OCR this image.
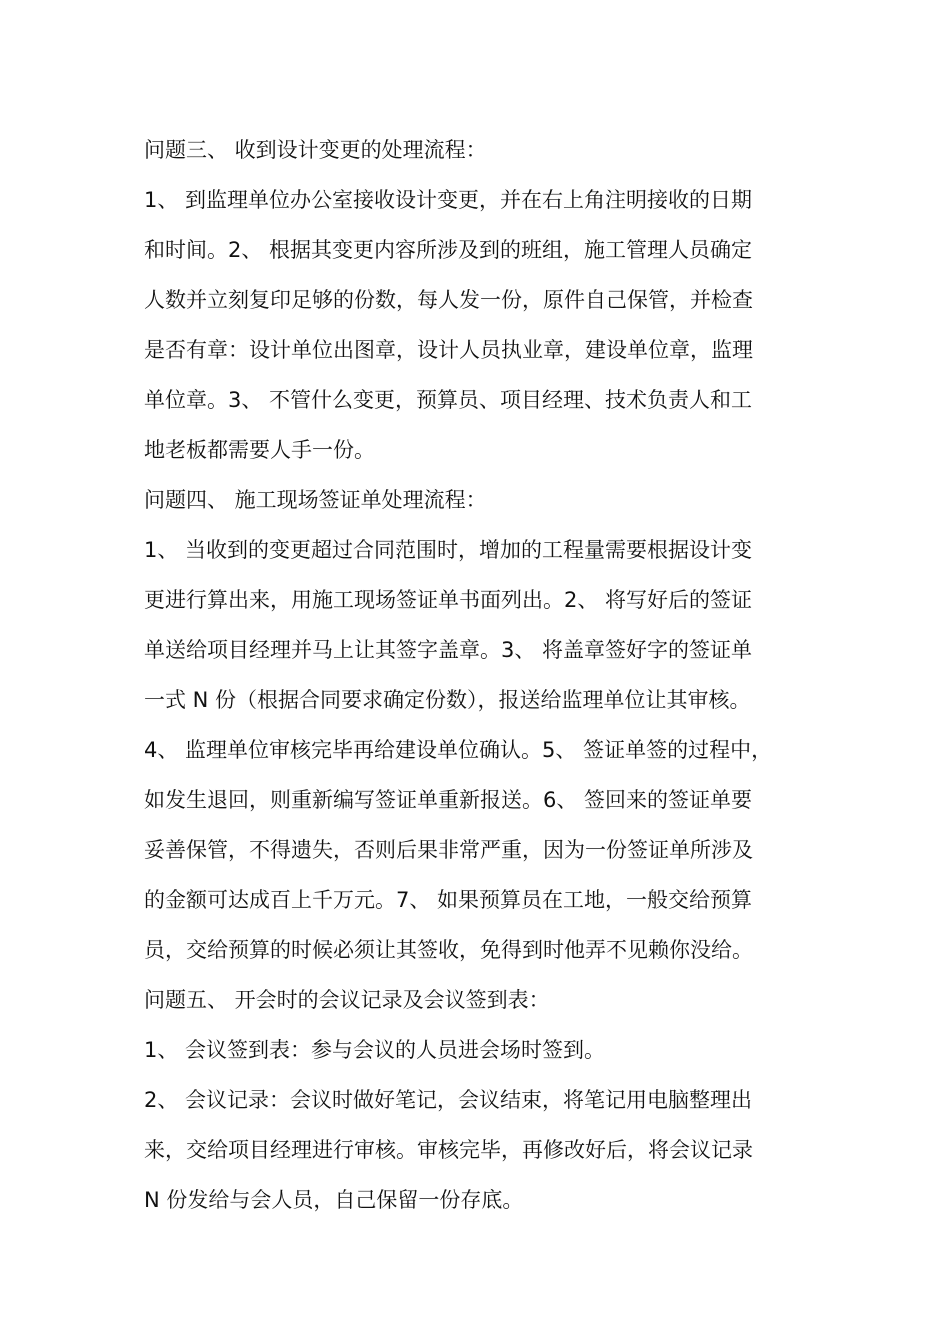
问题三、 收到设计变更的处理流程：
1、 到监理单位办公室接收设计变更，并在右上角注明接收的日期
和时间。2、 根据其变更内容所涉及到的班组，施工管理人员确定
人数并立刻复印足够的份数，每人发一份，原件自己保管，并检查
是否有章：设计单位出图章，设计人员执业章，建设单位章，监理
单位章。3、 不管什么变更，预算员、项目经理、技术负责人和工
地老板都需要人手一份。
问题四、 施工现场签证单处理流程：
1、 当收到的变更超过合同范围时，增加的工程量需要根据设计变
更进行算出来，用施工现场签证单书面列出。2、 将写好后的签证
单送给项目经理并马上让其签字盖章。3、 将盖章签好字的签证单
一式 N 份（根据合同要求确定份数），报送给监理单位让其审核。
4、 监理单位审核完毕再给建设单位确认。5、 签证单签的过程中，
如发生退回，则重新编写签证单重新报送。6、 签回来的签证单要
妥善保管，不得遗失，否则后果非常严重，因为一份签证单所涉及
的金额可达成百上千万元。7、 如果预算员在工地，一般交给预算
员，交给预算的时候必须让其签收，免得到时他弄不见赖你没给。
问题五、 开会时的会议记录及会议签到表：
1、 会议签到表：参与会议的人员进会场时签到。
2、 会议记录：会议时做好笔记，会议结束，将笔记用电脑整理出
来，交给项目经理进行审核。审核完毕，再修改好后，将会议记录
N 份发给与会人员，自己保留一份存底。
